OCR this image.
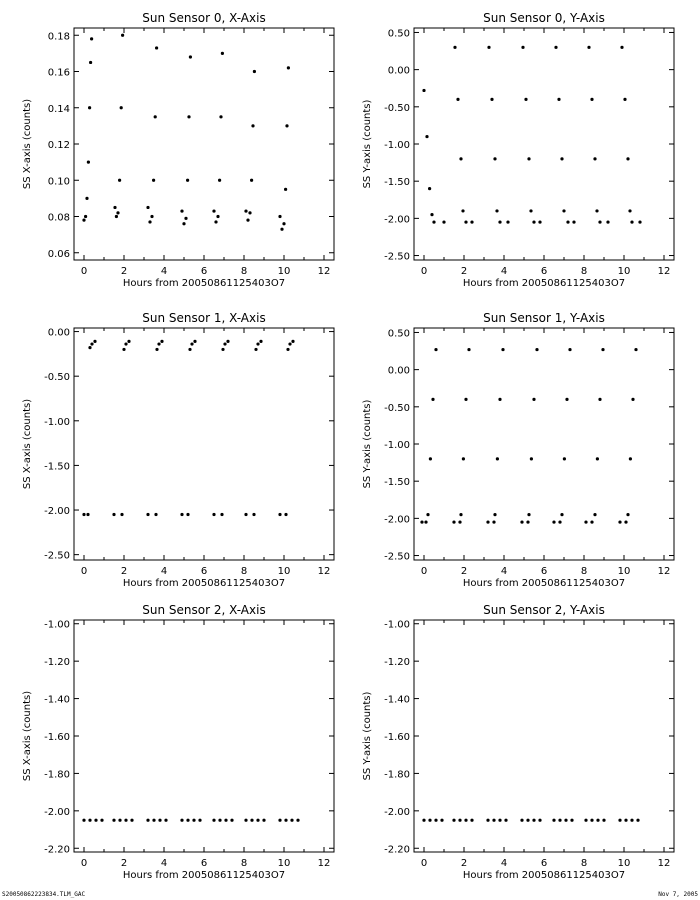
Sun Sensor 0, X-Axis
0	2	4	6	8	10	12
0.06
0.08
0.10
0.12
0.14
0.16
0.18
Hours from 20050861125403O7
SS X-axis (counts)
Sun Sensor 0, Y-Axis
0	2	4	6	8	10	12
-2.50
-2.00
-1.50
-1.00
-0.50
0.00
0.50
Hours from 20050861125403O7
SS Y-axis (counts)
Sun Sensor 1, X-Axis
0	2	4	6	8	10	12
-2.50
-2.00
-1.50
-1.00
-0.50
0.00
Hours from 20050861125403O7
SS X-axis (counts)
Sun Sensor 1, Y-Axis
0	2	4	6	8	10	12
-2.50
-2.00
-1.50
-1.00
-0.50
0.00
0.50
Hours from 20050861125403O7
SS Y-axis (counts)
Sun Sensor 2, X-Axis
0	2	4	6	8	10	12
-2.20
-2.00
-1.80
-1.60
-1.40
-1.20
-1.00
Hours from 20050861125403O7
SS X-axis (counts)
Sun Sensor 2, Y-Axis
0	2	4	6	8	10	12
-2.20
-2.00
-1.80
-1.60
-1.40
-1.20
-1.00
Hours from 20050861125403O7
SS Y-axis (counts)
S20050862223834.TLM_GAC	Nov 7, 2005
